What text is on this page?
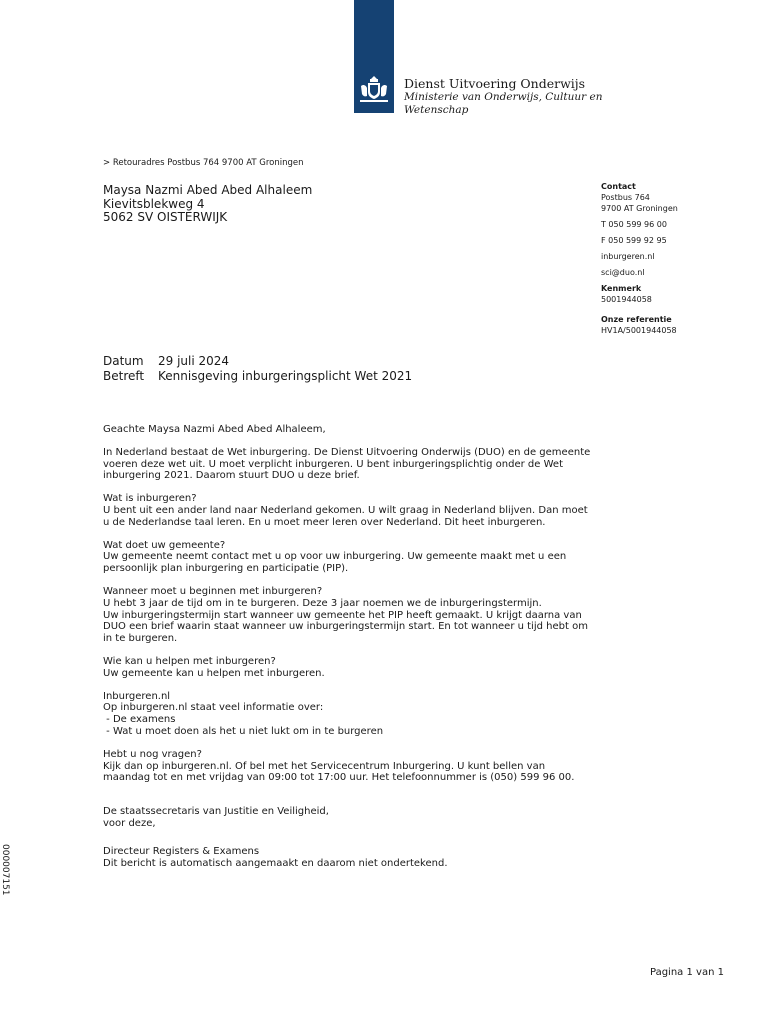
Dienst Uitvoering Onderwijs
Ministerie van Onderwijs, Cultuur en
Wetenschap
> Retouradres Postbus 764 9700 AT Groningen
Maysa Nazmi Abed Abed Alhaleem
Kievitsblekweg 4
5062 SV OISTERWIJK
Contact
Postbus 764
9700 AT Groningen
T 050 599 96 00
F 050 599 92 95
inburgeren.nl
sci@duo.nl
Kenmerk
5001944058
Onze referentie
HV1A/5001944058
Datum	29 juli 2024
Betreft	Kennisgeving inburgeringsplicht Wet 2021

Geachte Maysa Nazmi Abed Abed Alhaleem,

In Nederland bestaat de Wet inburgering. De Dienst Uitvoering Onderwijs (DUO) en de gemeente voeren deze wet uit. U moet verplicht inburgeren. U bent inburgeringsplichtig onder de Wet inburgering 2021. Daarom stuurt DUO u deze brief.

Wat is inburgeren?

U bent uit een ander land naar Nederland gekomen. U wilt graag in Nederland blijven. Dan moet u de Nederlandse taal leren. En u moet meer leren over Nederland. Dit heet inburgeren.

Wat doet uw gemeente?

Uw gemeente neemt contact met u op voor uw inburgering. Uw gemeente maakt met u een persoonlijk plan inburgering en participatie (PIP).

Wanneer moet u beginnen met inburgeren?
U hebt 3 jaar de tijd om in te burgeren. Deze 3 jaar noemen we de inburgeringstermijn.

Uw inburgeringstermijn start wanneer uw gemeente het PIP heeft gemaakt. U krijgt daarna van DUO een brief waarin staat wanneer uw inburgeringstermijn start. En tot wanneer u tijd hebt om in te burgeren.

Wie kan u helpen met inburgeren?

Uw gemeente kan u helpen met inburgeren.

Inburgeren.nl
Op inburgeren.nl staat veel informatie over:
- De examens

- Wat u moet doen als het u niet lukt om in te burgeren

Hebt u nog vragen?

Kijk dan op inburgeren.nl. Of bel met het Servicecentrum Inburgering. U kunt bellen van maandag tot en met vrijdag van 09:00 tot 17:00 uur. Het telefoonnummer is (050) 599 96 00.

De staatssecretaris van Justitie en Veiligheid,

voor deze,

Directeur Registers & Examens
Dit bericht is automatisch aangemaakt en daarom niet ondertekend.
000007151
Pagina 1 van 1
